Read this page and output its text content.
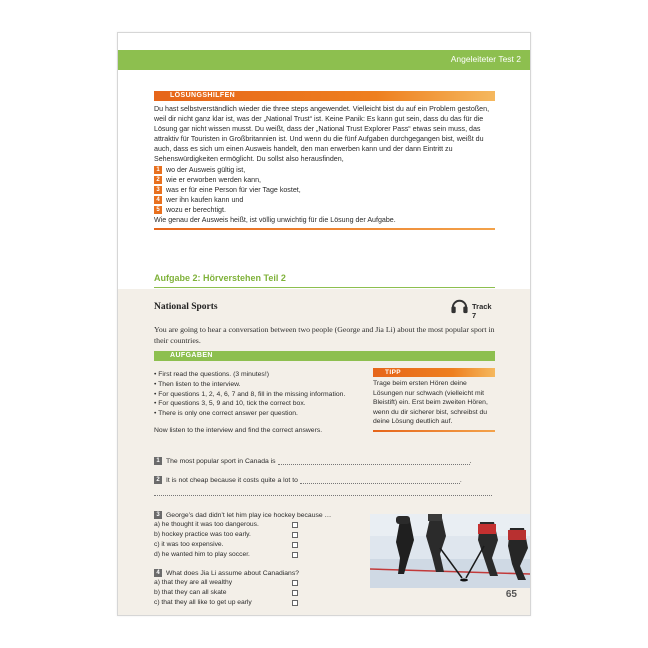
Angeleiteter Test 2
LÖSUNGSHILFEN

Du hast selbstverständlich wieder die three steps angewendet. Vielleicht bist du auf ein Problem gestoßen, weil dir nicht ganz klar ist, was der „National Trust“ ist. Keine Panik: Es kann gut sein, dass du das für die Lösung gar nicht wissen musst. Du weißt, dass der „National Trust Explorer Pass“ etwas sein muss, das attraktiv für Touristen in Großbritannien ist. Und wenn du die fünf Aufgaben durchgegangen bist, weißt du auch, dass es sich um einen Ausweis handelt, den man erwerben kann und der dann Eintritt zu Sehenswürdigkeiten ermöglicht. Du sollst also herausfinden,

1 wo der Ausweis gültig ist,
2 wie er erworben werden kann,
3 was er für eine Person für vier Tage kostet,
4 wer ihn kaufen kann und
5 wozu er berechtigt.

Wie genau der Ausweis heißt, ist völlig unwichtig für die Lösung der Aufgabe.

Aufgabe 2: Hörverstehen Teil 2
National Sports	Track 7
You are going to hear a conversation between two people (George and Jia Li) about the most popular sport in their countries.
AUFGABEN
• First read the questions. (3 minutes!)
• Then listen to the interview.
• For questions 1, 2, 4, 6, 7 and 8, fill in the missing information.
• For questions 3, 5, 9 and 10, tick the correct box.
• There is only one correct answer per question.
Now listen to the interview and find the correct answers.
TIPP

Trage beim ersten Hören deine Lösungen nur schwach (vielleicht mit Bleistift) ein. Erst beim zweiten Hören, wenn du dir sicherer bist, schreibst du deine Lösung deutlich auf.

1 The most popular sport in Canada is	.
2 It is not cheap because it costs quite a lot to	.
3 George’s dad didn’t let him play ice hockey because …
a) he thought it was too dangerous.
b) hockey practice was too early.
c) it was too expensive.
d) he wanted him to play soccer.
4 What does Jia Li assume about Canadians?
a) that they are all wealthy
b) that they can all skate
c) that they all like to get up early
65
